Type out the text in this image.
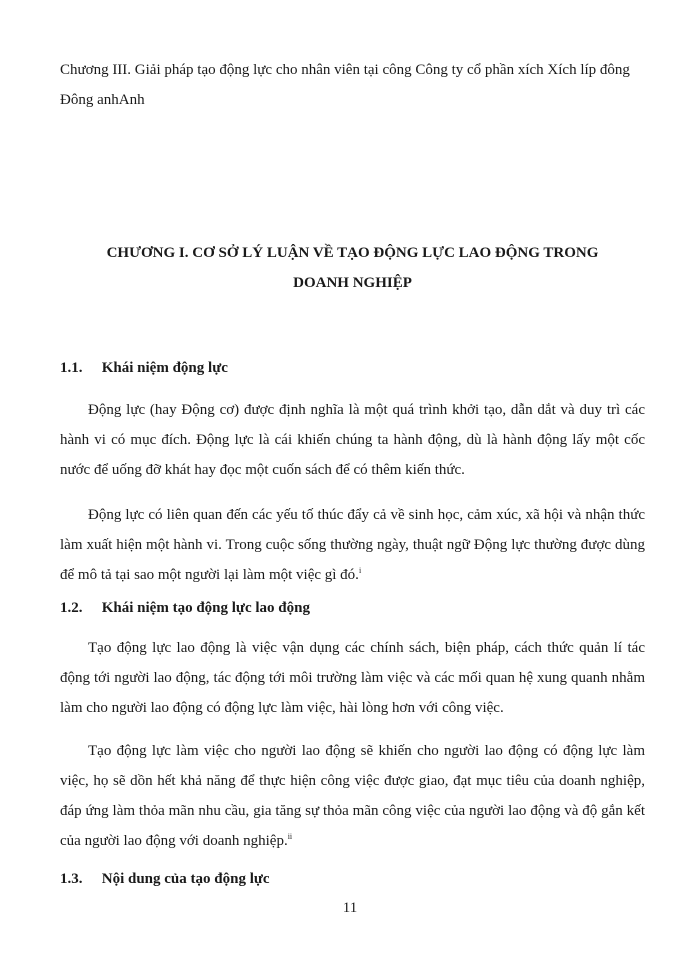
Chương III. Giải pháp tạo động lực cho nhân viên tại công Công ty cổ phần xích Xích líp đông Đông anhAnh
CHƯƠNG I. CƠ SỞ LÝ LUẬN VỀ TẠO ĐỘNG LỰC LAO ĐỘNG TRONG
DOANH NGHIỆP
1.1. Khái niệm động lực
Động lực (hay Động cơ) được định nghĩa là một quá trình khởi tạo, dẫn dắt và duy trì các hành vi có mục đích. Động lực là cái khiến chúng ta hành động, dù là hành động lấy một cốc nước để uống đỡ khát hay đọc một cuốn sách để có thêm kiến thức.
Động lực có liên quan đến các yếu tố thúc đẩy cả về sinh học, cảm xúc, xã hội và nhận thức làm xuất hiện một hành vi. Trong cuộc sống thường ngày, thuật ngữ Động lực thường được dùng để mô tả tại sao một người lại làm một việc gì đó.$^i$
1.2. Khái niệm tạo động lực lao động
Tạo động lực lao động là việc vận dụng các chính sách, biện pháp, cách thức quản lí tác động tới người lao động, tác động tới môi trường làm việc và các mối quan hệ xung quanh nhằm làm cho người lao động có động lực làm việc, hài lòng hơn với công việc.
Tạo động lực làm việc cho người lao động sẽ khiến cho người lao động có động lực làm việc, họ sẽ dồn hết khả năng để thực hiện công việc được giao, đạt mục tiêu của doanh nghiệp, đáp ứng làm thỏa mãn nhu cầu, gia tăng sự thỏa mãn công việc của người lao động và độ gắn kết của người lao động với doanh nghiệp.$^{ii}$
1.3. Nội dung của tạo động lực
11
